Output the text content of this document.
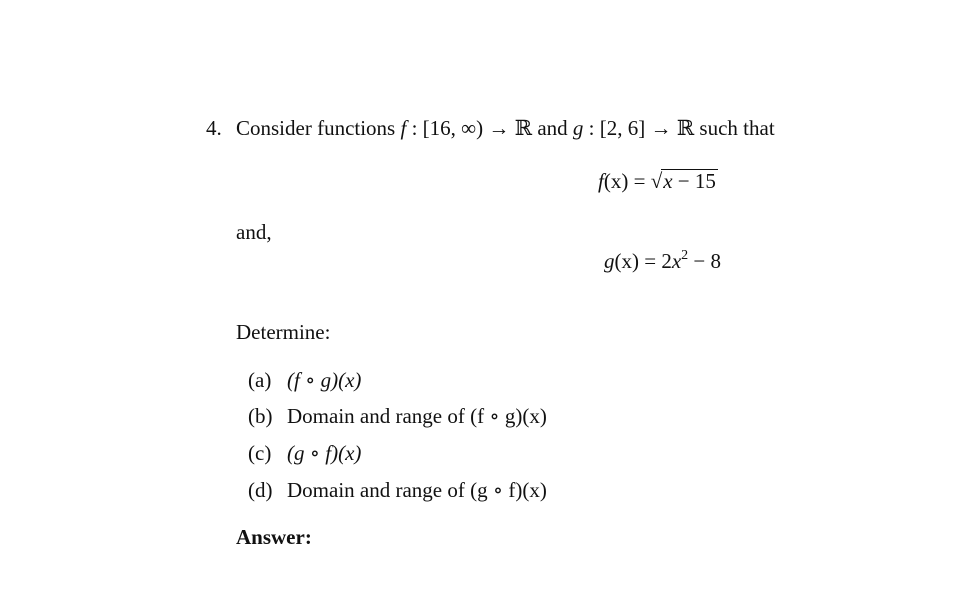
4. Consider functions f : [16, ∞) → ℝ and g : [2, 6] → ℝ such that
f(x) = √x − 15
and,
$g(x) = 2x^2 - 8$
Determine:
(a) (f ∘ g)(x)
(b) Domain and range of (f ∘ g)(x)
(c) (g ∘ f)(x)
(d) Domain and range of (g ∘ f)(x)
Answer:
